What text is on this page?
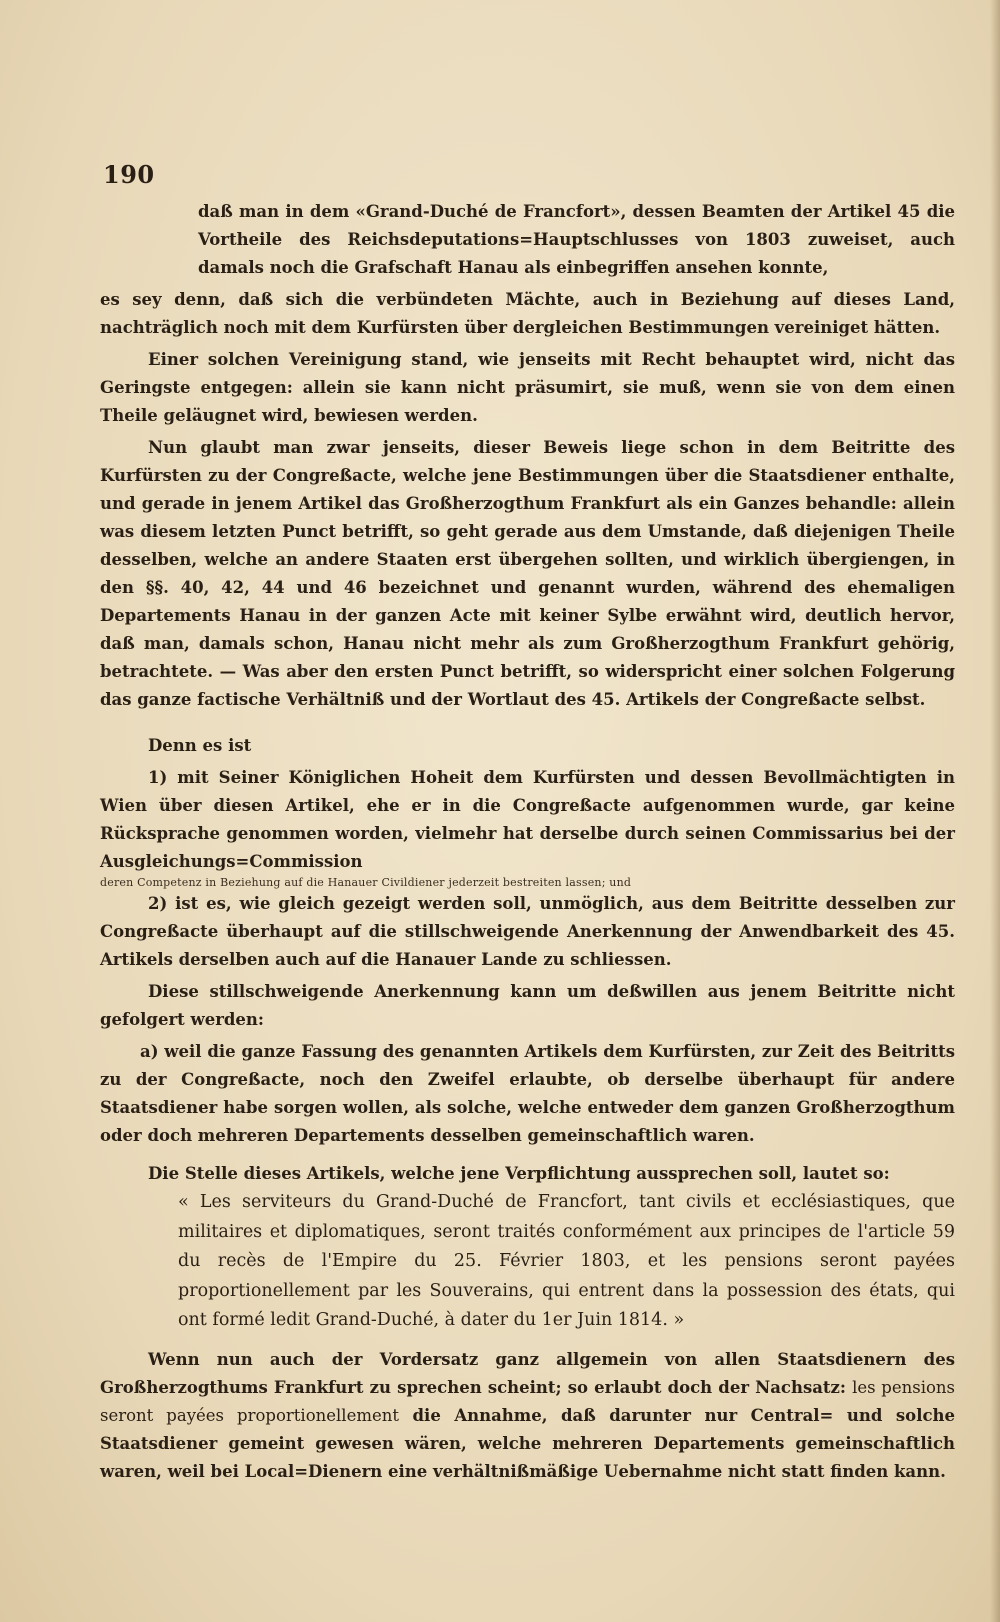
190

daß man in dem «Grand-Duché de Francfort», dessen Beamten der Artikel 45 die Vortheile des Reichsdeputations=Hauptschlusses von 1803 zuweiset, auch damals noch die Grafschaft Hanau als einbegriffen ansehen konnte,

es sey denn, daß sich die verbündeten Mächte, auch in Beziehung auf dieses Land, nachträglich noch mit dem Kurfürsten über dergleichen Bestimmungen vereiniget hätten.

Einer solchen Vereinigung stand, wie jenseits mit Recht behauptet wird, nicht das Geringste entgegen: allein sie kann nicht präsumirt, sie muß, wenn sie von dem einen Theile geläugnet wird, bewiesen werden.

Nun glaubt man zwar jenseits, dieser Beweis liege schon in dem Beitritte des Kurfürsten zu der Congreßacte, welche jene Bestimmungen über die Staatsdiener enthalte, und gerade in jenem Artikel das Großherzogthum Frankfurt als ein Ganzes behandle: allein was diesem letzten Punct betrifft, so geht gerade aus dem Umstande, daß diejenigen Theile desselben, welche an andere Staaten erst übergehen sollten, und wirklich übergiengen, in den §§. 40, 42, 44 und 46 bezeichnet und genannt wurden, während des ehemaligen Departements Hanau in der ganzen Acte mit keiner Sylbe erwähnt wird, deutlich hervor, daß man, damals schon, Hanau nicht mehr als zum Großherzogthum Frankfurt gehörig, betrachtete. — Was aber den ersten Punct betrifft, so widerspricht einer solchen Folgerung das ganze factische Verhältniß und der Wortlaut des 45. Artikels der Congreßacte selbst.

Denn es ist

1) mit Seiner Königlichen Hoheit dem Kurfürsten und dessen Bevollmächtigten in Wien über diesen Artikel, ehe er in die Congreßacte aufgenommen wurde, gar keine Rücksprache genommen worden, vielmehr hat derselbe durch seinen Commissarius bei der Ausgleichungs=Commission

deren Competenz in Beziehung auf die Hanauer Civildiener jederzeit bestreiten lassen; und

2) ist es, wie gleich gezeigt werden soll, unmöglich, aus dem Beitritte desselben zur Congreßacte überhaupt auf die stillschweigende Anerkennung der Anwendbarkeit des 45. Artikels derselben auch auf die Hanauer Lande zu schliessen.

Diese stillschweigende Anerkennung kann um deßwillen aus jenem Beitritte nicht gefolgert werden:

a) weil die ganze Fassung des genannten Artikels dem Kurfürsten, zur Zeit des Beitritts zu der Congreßacte, noch den Zweifel erlaubte, ob derselbe überhaupt für andere Staatsdiener habe sorgen wollen, als solche, welche entweder dem ganzen Großherzogthum oder doch mehreren Departements desselben gemeinschaftlich waren.

Die Stelle dieses Artikels, welche jene Verpflichtung aussprechen soll, lautet so:

« Les serviteurs du Grand-Duché de Francfort, tant civils et ecclésiastiques, que militaires et diplomatiques, seront traités conformément aux principes de l'article 59 du recès de l'Empire du 25. Février 1803, et les pensions seront payées proportionellement par les Souverains, qui entrent dans la possession des états, qui ont formé ledit Grand-Duché, à dater du 1er Juin 1814. »

Wenn nun auch der Vordersatz ganz allgemein von allen Staatsdienern des Großherzogthums Frankfurt zu sprechen scheint; so erlaubt doch der Nachsatz: les pensions seront payées proportionellement die Annahme, daß darunter nur Central= und solche Staatsdiener gemeint gewesen wären, welche mehreren Departements gemeinschaftlich waren, weil bei Local=Dienern eine verhältnißmäßige Uebernahme nicht statt finden kann.
